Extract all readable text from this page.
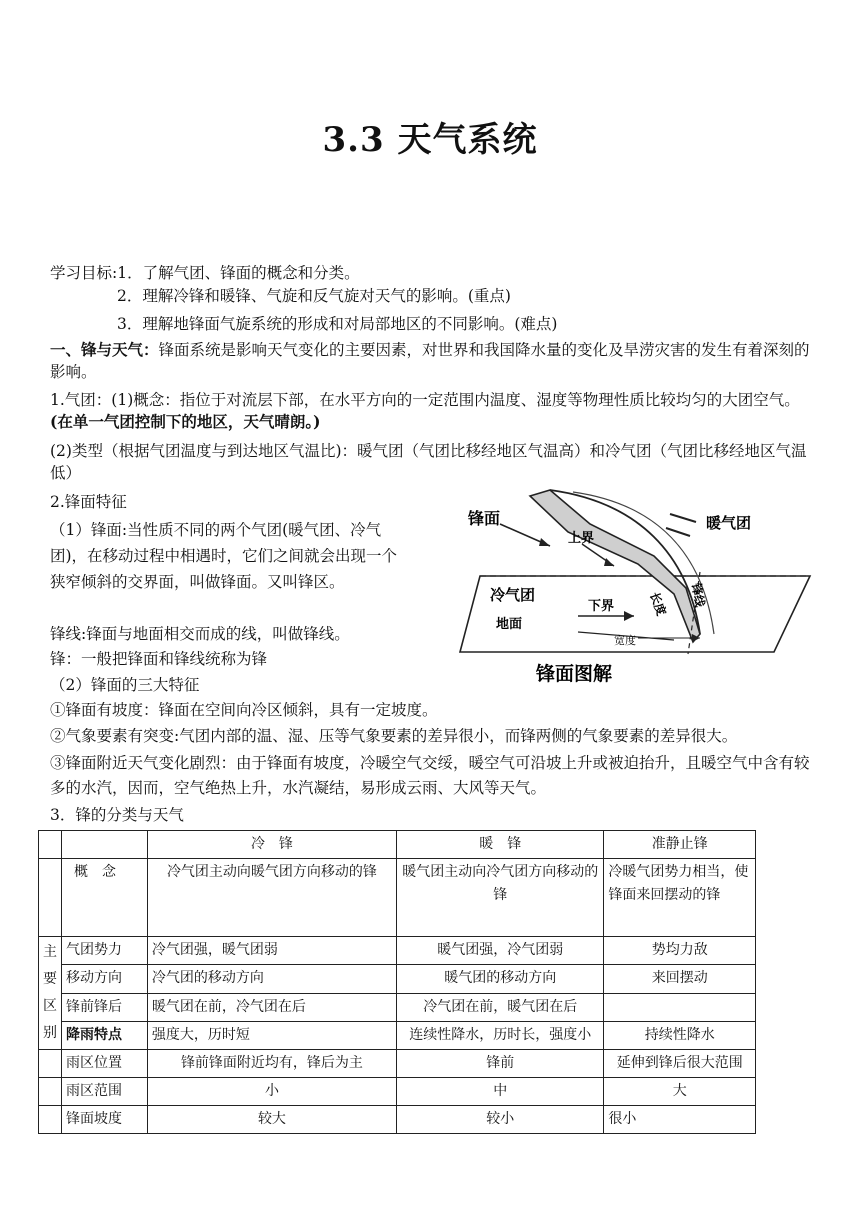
3.3 天气系统
学习目标:1．了解气团、锋面的概念和分类。
2．理解冷锋和暖锋、气旋和反气旋对天气的影响。(重点)
3．理解地锋面气旋系统的形成和对局部地区的不同影响。(难点)
一、锋与天气：锋面系统是影响天气变化的主要因素，对世界和我国降水量的变化及旱涝灾害的发生有着深刻的影响。
1.气团：(1)概念：指位于对流层下部，在水平方向的一定范围内温度、湿度等物理性质比较均匀的大团空气。(在单一气团控制下的地区，天气晴朗。)
(2)类型（根据气团温度与到达地区气温比)：暖气团（气团比移经地区气温高）和冷气团（气团比移经地区气温低）
2.锋面特征
（1）锋面:当性质不同的两个气团(暖气团、冷气团)，在移动过程中相遇时，它们之间就会出现一个狭窄倾斜的交界面，叫做锋面。又叫锋区。
锋线:锋面与地面相交而成的线，叫做锋线。
锋：一般把锋面和锋线统称为锋
（2）锋面的三大特征
①锋面有坡度：锋面在空间向冷区倾斜，具有一定坡度。
②气象要素有突变:气团内部的温、湿、压等气象要素的差异很小，而锋两侧的气象要素的差异很大。
③锋面附近天气变化剧烈：由于锋面有坡度，冷暖空气交绥，暖空气可沿坡上升或被迫抬升，且暖空气中含有较多的水汽，因而，空气绝热上升，水汽凝结，易形成云雨、大风等天气。
锋面	暖气团
上界
冷气团
下界
地面
长度 锋线
宽度
锋面图解
3．锋的分类与天气
		冷　锋	暖　锋	准静止锋
	概　念	冷气团主动向暖气团方向移动的锋	暖气团主动向冷气团方向移动的锋	冷暖气团势力相当，使锋面来回摆动的锋

主
要
区
别	气团势力	冷气团强，暖气团弱	暖气团强，冷气团弱	势均力敌
	移动方向	冷气团的移动方向	暖气团的移动方向	来回摆动
	锋前锋后	暖气团在前，冷气团在后	冷气团在前，暖气团在后	
	降雨特点	强度大，历时短	连续性降水，历时长，强度小	持续性降水
	雨区位置	锋前锋面附近均有，锋后为主	锋前	延伸到锋后很大范围
	雨区范围	小	中	大
	锋面坡度	较大	较小	很小
